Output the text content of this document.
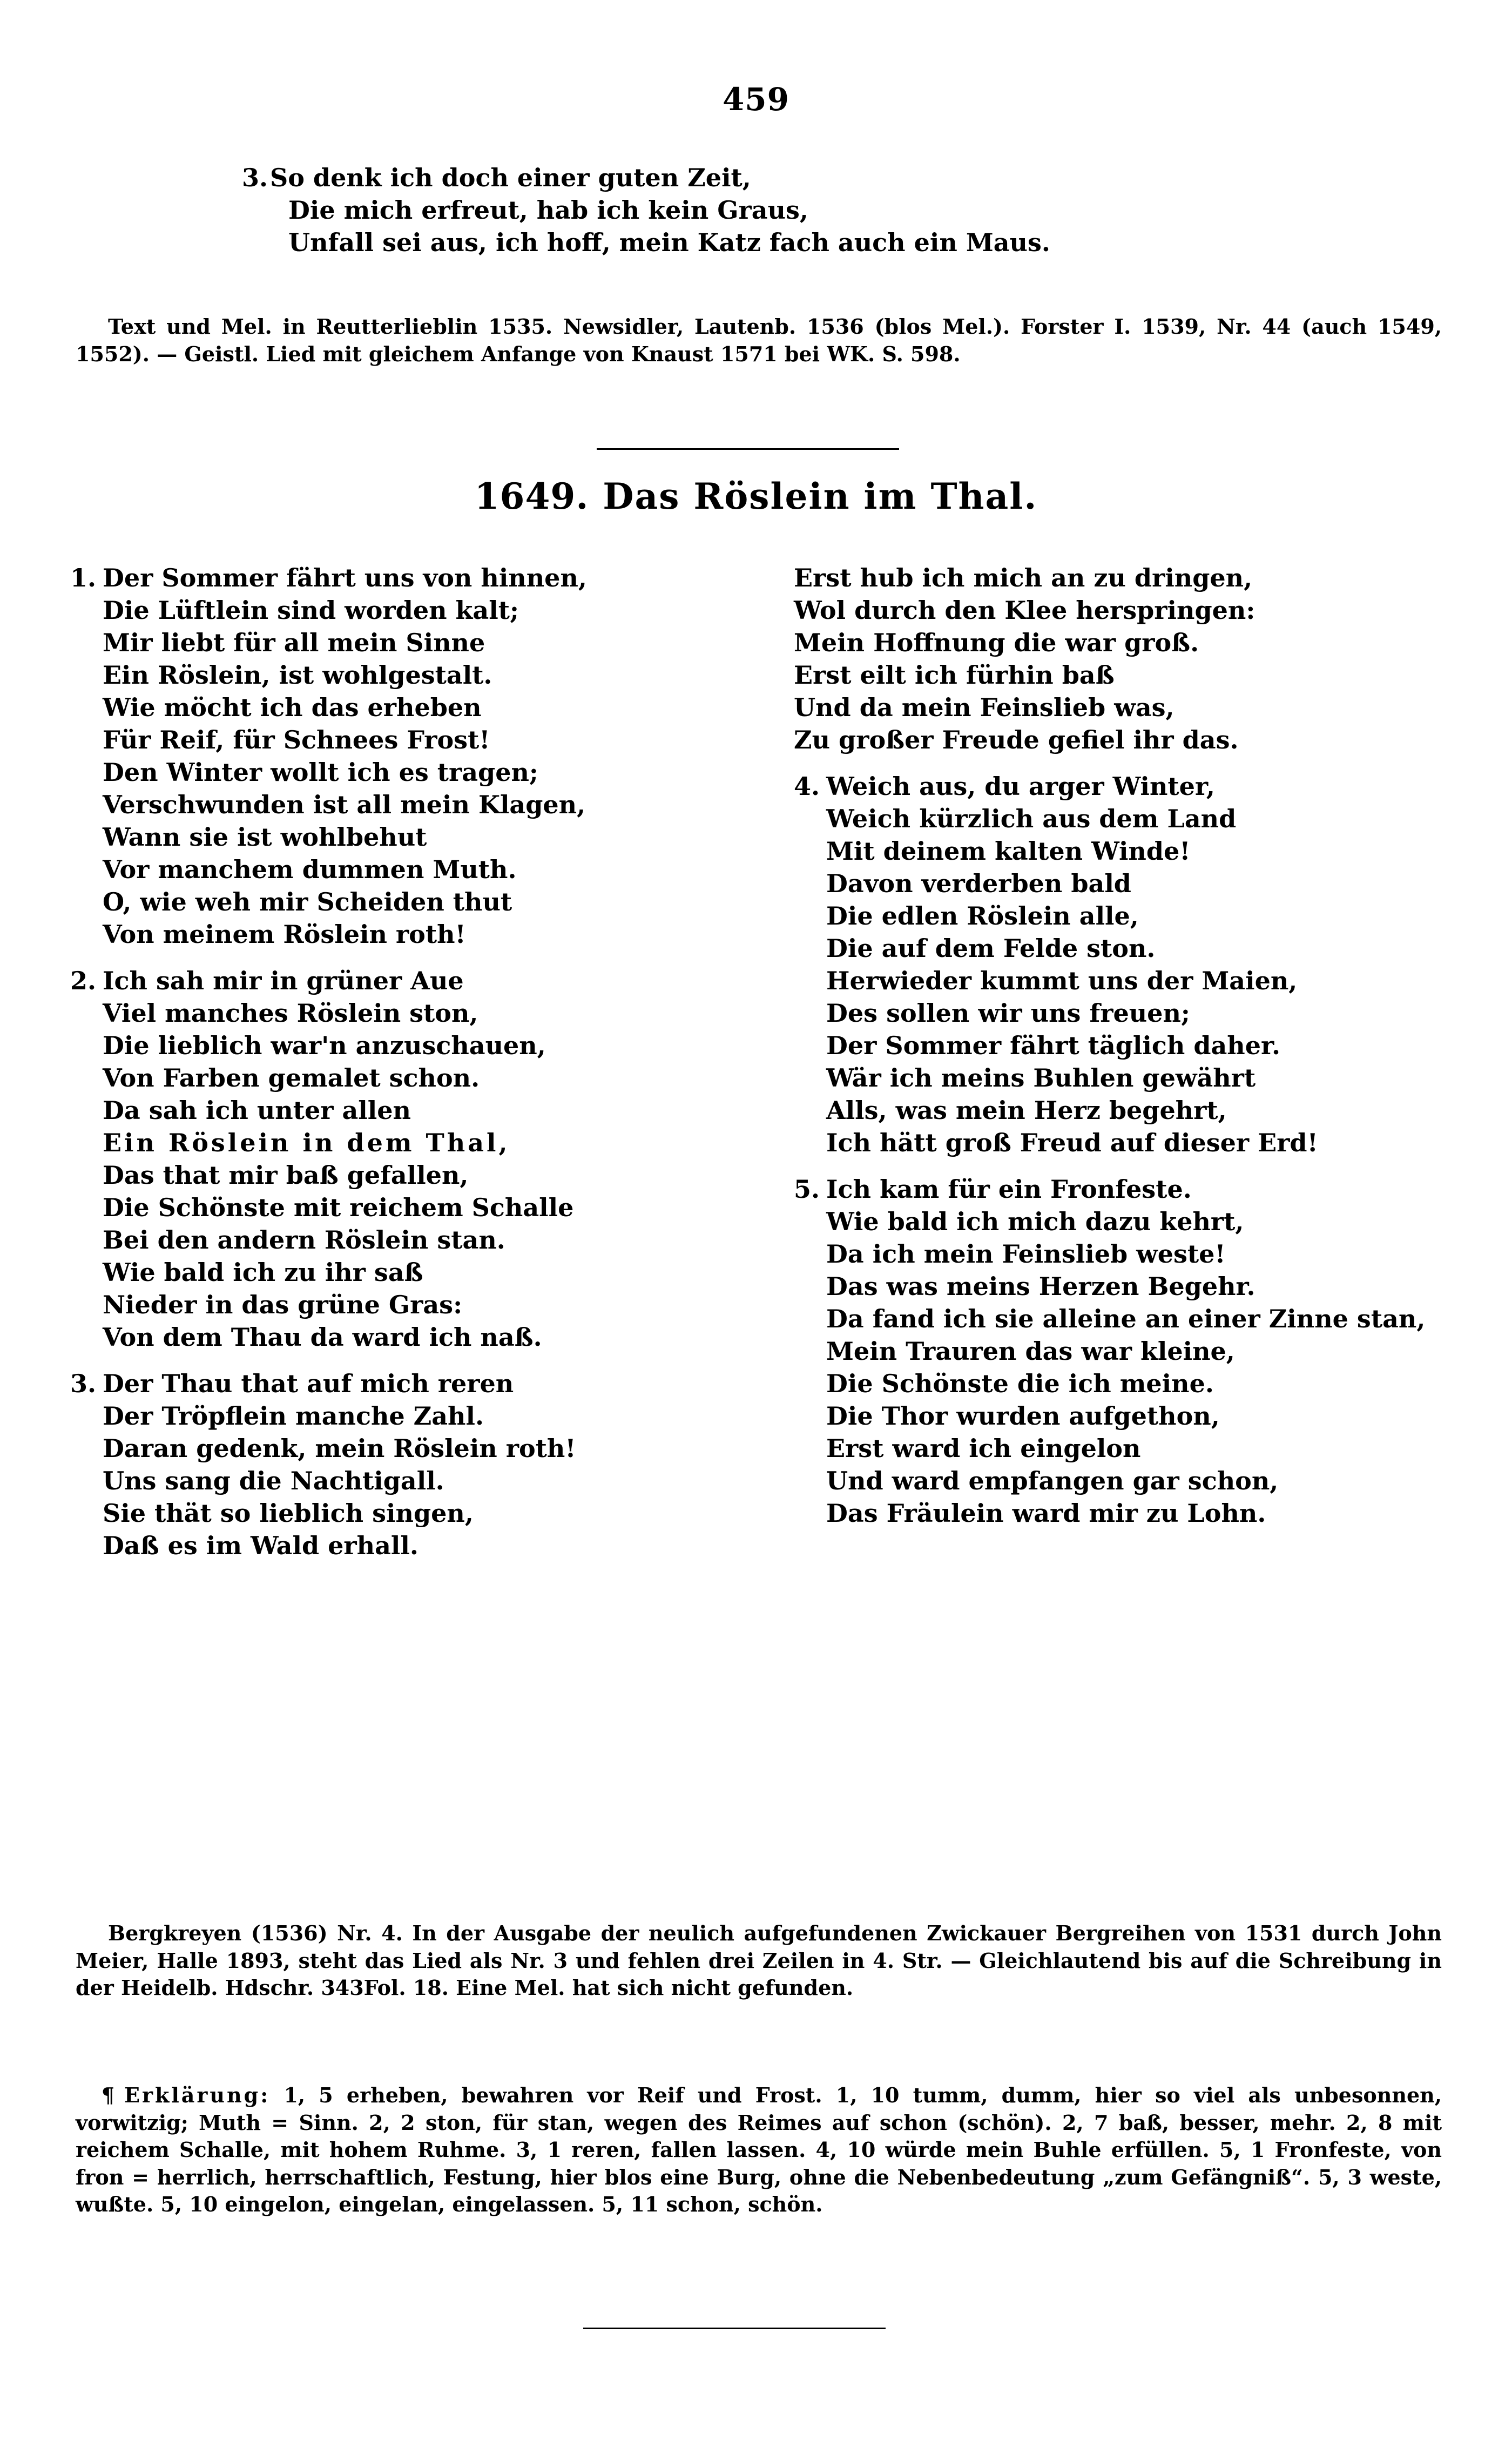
459
3.So denk ich doch einer guten Zeit,
Die mich erfreut, hab ich kein Graus,
Unfall sei aus, ich hoff, mein Katz fach auch ein Maus.
Text und Mel. in Reutterlieblin 1535. Newsidler, Lautenb. 1536 (blos Mel.). Forster I. 1539, Nr. 44 (auch 1549, 1552). — Geistl. Lied mit gleichem Anfange von Knaust 1571 bei WK. S. 598.
1649. Das Röslein im Thal.
1. Der Sommer fährt uns von hinnen,
Die Lüftlein sind worden kalt;
Mir liebt für all mein Sinne
Ein Röslein, ist wohlgestalt.
Wie möcht ich das erheben
Für Reif, für Schnees Frost!
Den Winter wollt ich es tragen;
Verschwunden ist all mein Klagen,
Wann sie ist wohlbehut
Vor manchem dummen Muth.
O, wie weh mir Scheiden thut
Von meinem Röslein roth!
2. Ich sah mir in grüner Aue
Viel manches Röslein ston,
Die lieblich war'n anzuschauen,
Von Farben gemalet schon.
Da sah ich unter allen
Ein Röslein in dem Thal,
Das that mir baß gefallen,
Die Schönste mit reichem Schalle
Bei den andern Röslein stan.
Wie bald ich zu ihr saß
Nieder in das grüne Gras:
Von dem Thau da ward ich naß.
3. Der Thau that auf mich reren
Der Tröpflein manche Zahl.
Daran gedenk, mein Röslein roth!
Uns sang die Nachtigall.
Sie thät so lieblich singen,
Daß es im Wald erhall.
Erst hub ich mich an zu dringen,
Wol durch den Klee herspringen:
Mein Hoffnung die war groß.
Erst eilt ich fürhin baß
Und da mein Feinslieb was,
Zu großer Freude gefiel ihr das.
4. Weich aus, du arger Winter,
Weich kürzlich aus dem Land
Mit deinem kalten Winde!
Davon verderben bald
Die edlen Röslein alle,
Die auf dem Felde ston.
Herwieder kummt uns der Maien,
Des sollen wir uns freuen;
Der Sommer fährt täglich daher.
Wär ich meins Buhlen gewährt
Alls, was mein Herz begehrt,
Ich hätt groß Freud auf dieser Erd!
5. Ich kam für ein Fronfeste.
Wie bald ich mich dazu kehrt,
Da ich mein Feinslieb weste!
Das was meins Herzen Begehr.
Da fand ich sie alleine an einer Zinne stan,
Mein Trauren das war kleine,
Die Schönste die ich meine.
Die Thor wurden aufgethon,
Erst ward ich eingelon
Und ward empfangen gar schon,
Das Fräulein ward mir zu Lohn.
Bergkreyen (1536) Nr. 4. In der Ausgabe der neulich aufgefundenen Zwickauer Bergreihen von 1531 durch John Meier, Halle 1893, steht das Lied als Nr. 3 und fehlen drei Zeilen in 4. Str. — Gleichlautend bis auf die Schreibung in der Heidelb. Hdschr. 343Fol. 18. Eine Mel. hat sich nicht gefunden.
¶ Erklärung: 1, 5 erheben, bewahren vor Reif und Frost. 1, 10 tumm, dumm, hier so viel als unbesonnen, vorwitzig; Muth = Sinn. 2, 2 ston, für stan, wegen des Reimes auf schon (schön). 2, 7 baß, besser, mehr. 2, 8 mit reichem Schalle, mit hohem Ruhme. 3, 1 reren, fallen lassen. 4, 10 würde mein Buhle erfüllen. 5, 1 Fronfeste, von fron = herrlich, herrschaftlich, Festung, hier blos eine Burg, ohne die Nebenbedeutung „zum Gefängniß“. 5, 3 weste, wußte. 5, 10 eingelon, eingelan, eingelassen. 5, 11 schon, schön.
